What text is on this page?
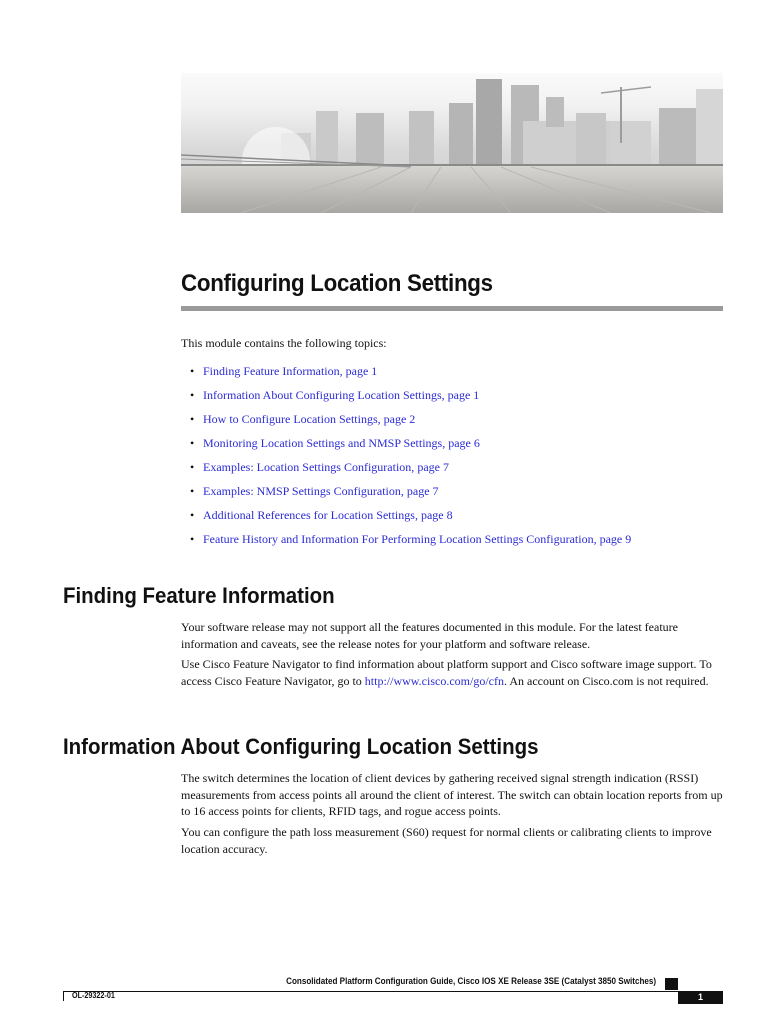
Configuring Location Settings

This module contains the following topics:

• Finding Feature Information, page 1
• Information About Configuring Location Settings, page 1
• How to Configure Location Settings, page 2
• Monitoring Location Settings and NMSP Settings, page 6
• Examples: Location Settings Configuration, page 7
• Examples: NMSP Settings Configuration, page 7
• Additional References for Location Settings, page 8
• Feature History and Information For Performing Location Settings Configuration, page 9
Finding Feature Information

Your software release may not support all the features documented in this module. For the latest feature information and caveats, see the release notes for your platform and software release.

Use Cisco Feature Navigator to find information about platform support and Cisco software image support. To access Cisco Feature Navigator, go to http://www.cisco.com/go/cfn. An account on Cisco.com is not required.

Information About Configuring Location Settings

The switch determines the location of client devices by gathering received signal strength indication (RSSI) measurements from access points all around the client of interest. The switch can obtain location reports from up to 16 access points for clients, RFID tags, and rogue access points.

You can configure the path loss measurement (S60) request for normal clients or calibrating clients to improve location accuracy.

Consolidated Platform Configuration Guide, Cisco IOS XE Release 3SE (Catalyst 3850 Switches)
OL-29322-01	1
